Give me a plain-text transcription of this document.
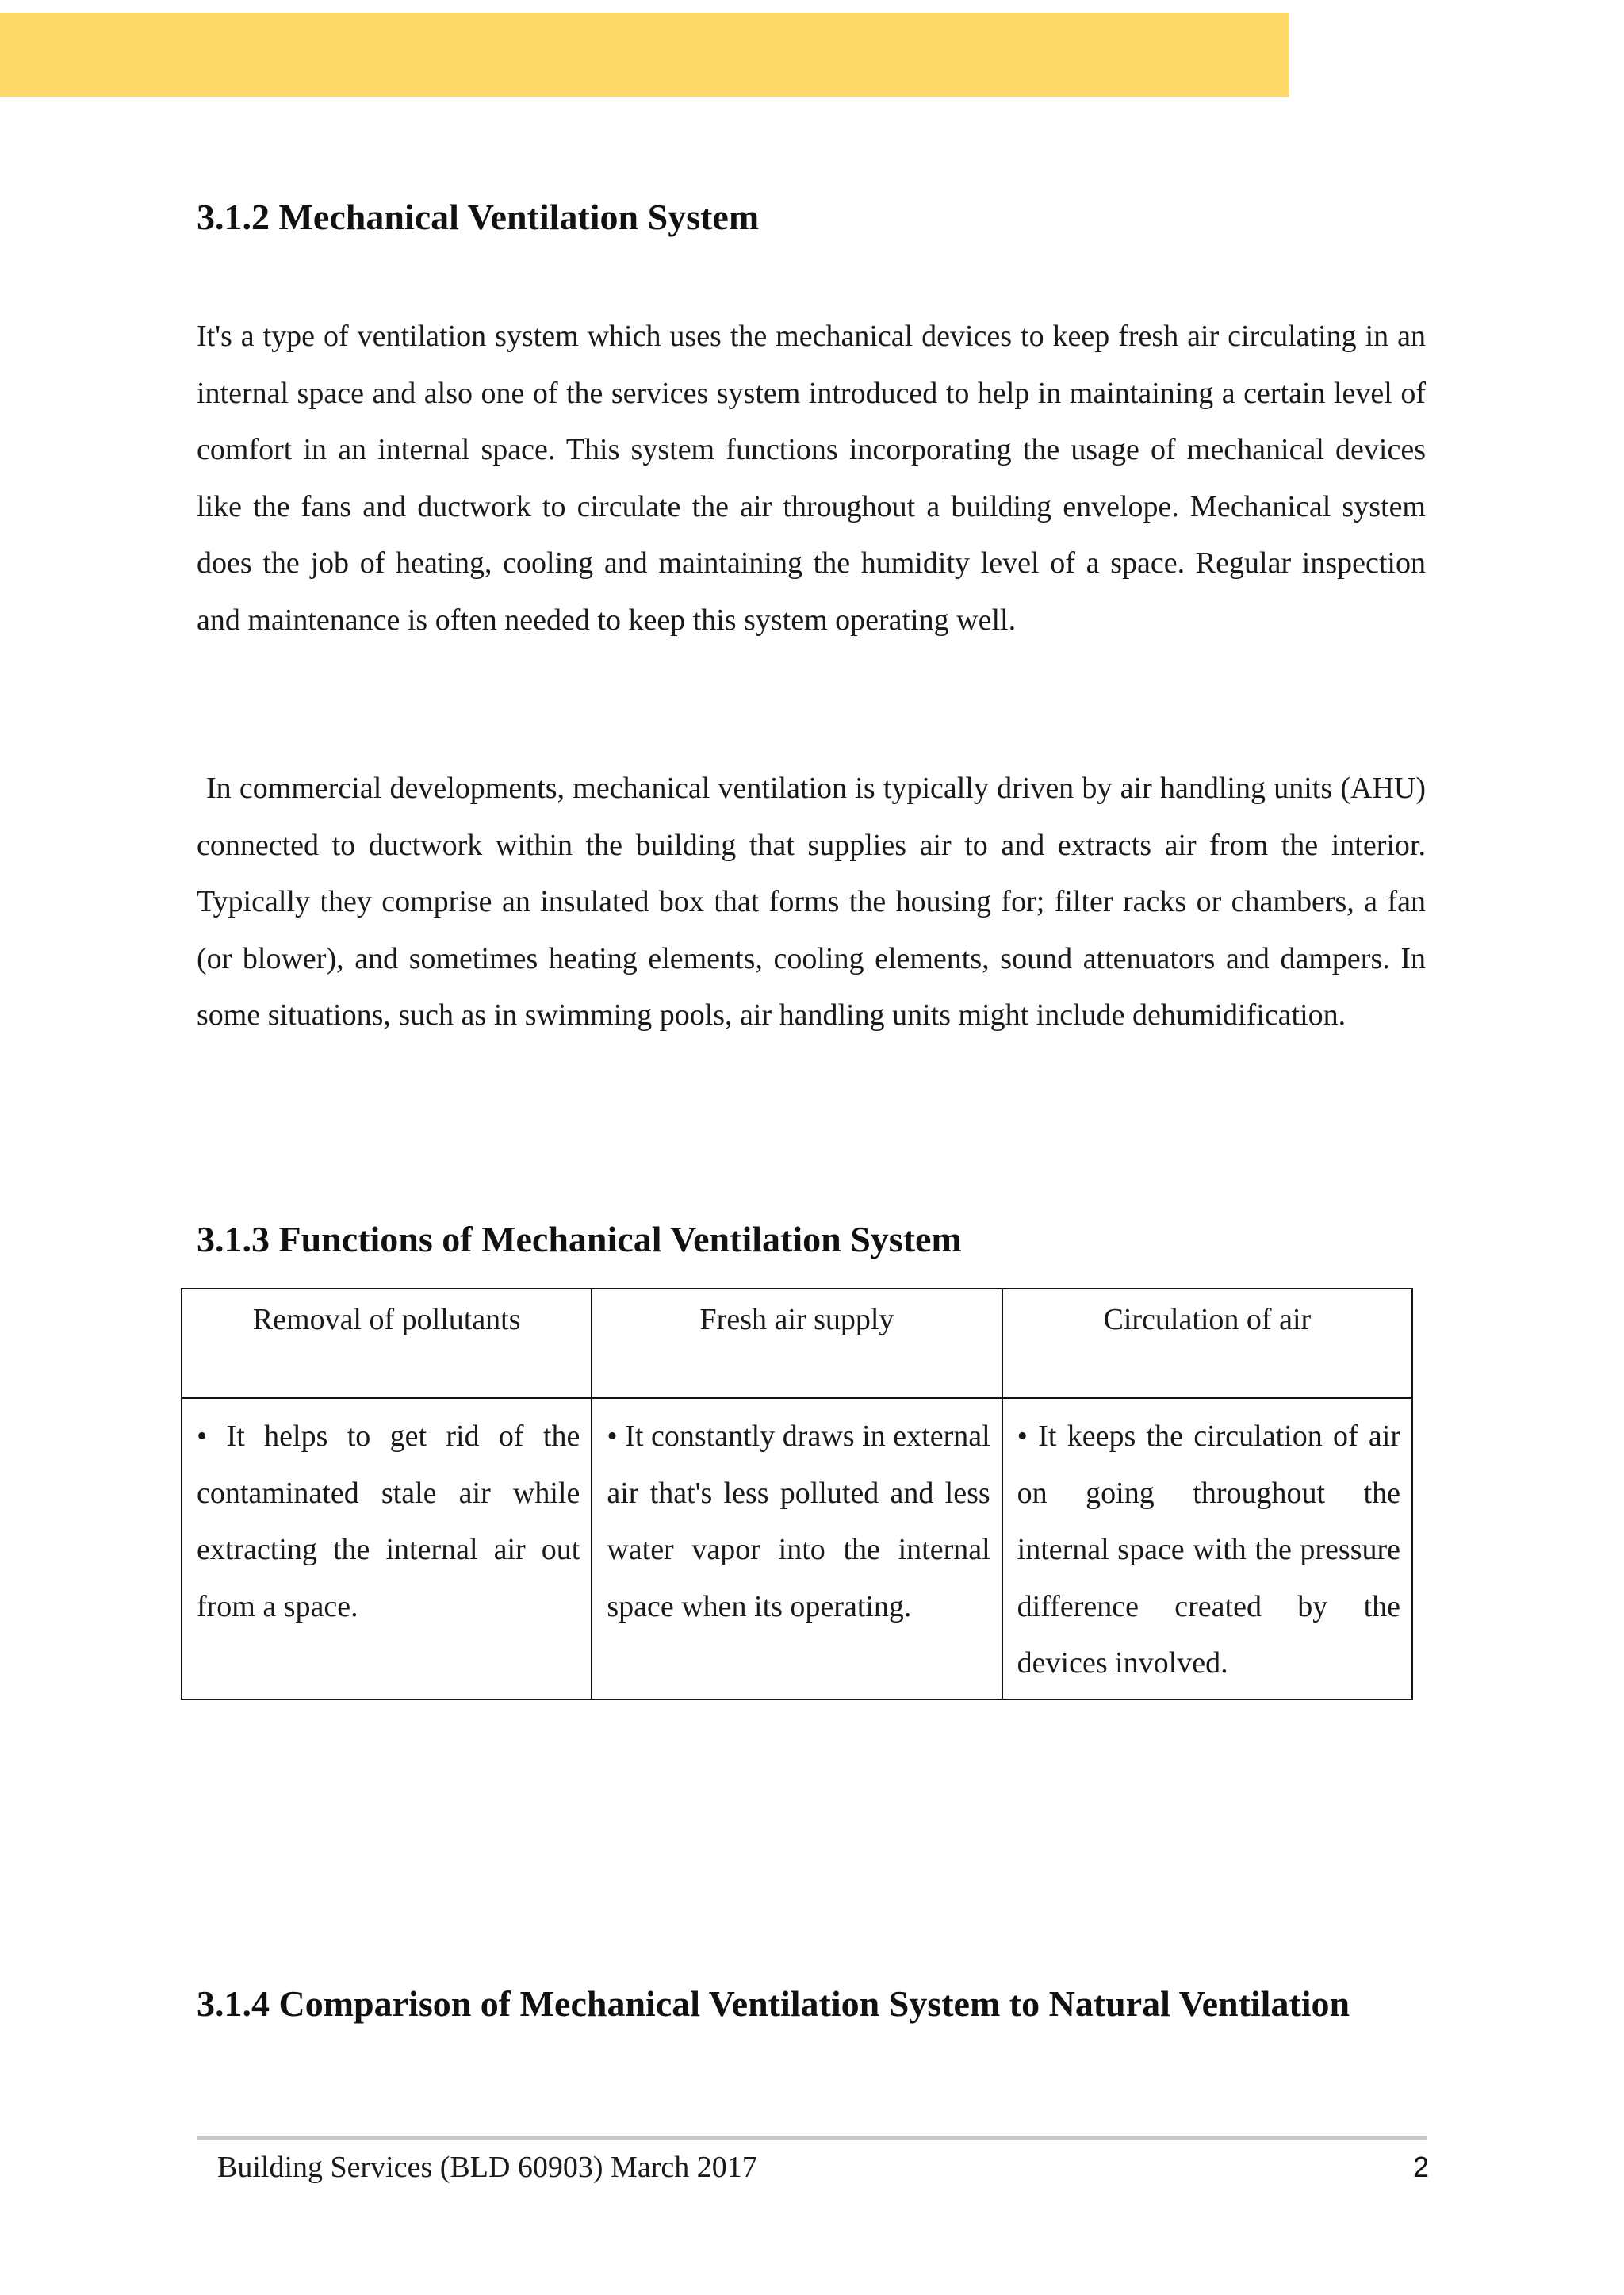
3.1.2 Mechanical Ventilation System

It's a type of ventilation system which uses the mechanical devices to keep fresh air circulating in an internal space and also one of the services system introduced to help in maintaining a certain level of comfort in an internal space. This system functions incorporating the usage of mechanical devices like the fans and ductwork to circulate the air throughout a building envelope. Mechanical system does the job of heating, cooling and maintaining the humidity level of a space. Regular inspection and maintenance is often needed to keep this system operating well.

In commercial developments, mechanical ventilation is typically driven by air handling units (AHU) connected to ductwork within the building that supplies air to and extracts air from the interior. Typically they comprise an insulated box that forms the housing for; filter racks or chambers, a fan (or blower), and sometimes heating elements, cooling elements, sound attenuators and dampers. In some situations, such as in swimming pools, air handling units might include dehumidification.

3.1.3 Functions of Mechanical Ventilation System
Removal of pollutants	Fresh air supply	Circulation of air
• It helps to get rid of the contaminated stale air while extracting the internal air out from a space.	• It constantly draws in external air that's less polluted and less water vapor into the internal space when its operating.	• It keeps the circulation of air on going throughout the internal space with the pressure difference created by the devices involved.
3.1.4 Comparison of Mechanical Ventilation System to Natural Ventilation
Building Services (BLD 60903) March 2017	2
